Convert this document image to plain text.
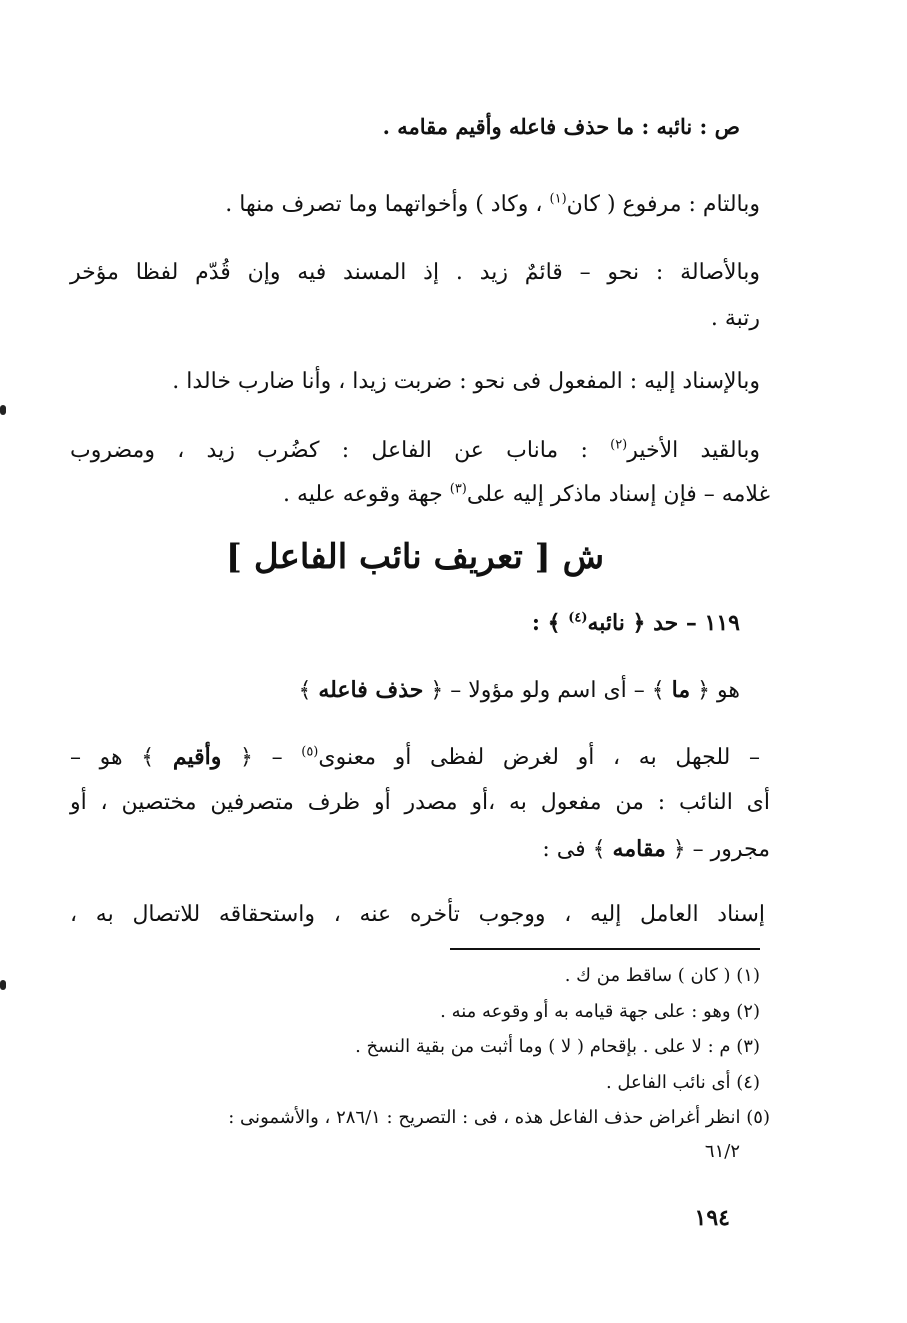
ص : نائبه : ما حذف فاعله وأقيم مقامه .
وبالتام : مرفوع ( كان$^{(١)}$ ، وكاد ) وأخواتهما وما تصرف منها .
وبالأصالة : نحو – قائمٌ زيد . إذ المسند فيه وإن قُدّم لفظا مؤخر
رتبة .
وبالإسناد إليه : المفعول فى نحو : ضربت زيدا ، وأنا ضارب خالدا .
وبالقيد الأخير$^{(٢)}$ : ماناب عن الفاعل : كضُرب زيد ، ومضروب
غلامه – فإن إسناد ماذكر إليه على$^{(٣)}$ جهة وقوعه عليه .
ش [ تعريف نائب الفاعل ]
١١٩ – حد ﴿ نائبه$^{(٤)}$ ﴾ :
هو ﴿ ما ﴾ – أى اسم ولو مؤولا – ﴿ حذف فاعله ﴾
– للجهل به ، أو لغرض لفظى أو معنوى$^{(٥)}$ – ﴿ وأقيم ﴾ هو –
أى النائب : من مفعول به ،أو مصدر أو ظرف متصرفين مختصين ، أو
مجرور – ﴿ مقامه ﴾ فى :
إسناد العامل إليه ، ووجوب تأخره عنه ، واستحقاقه للاتصال به ،
(١) ( كان ) ساقط من ك .
(٢) وهو : على جهة قيامه به أو وقوعه منه .
(٣) م : لا على . بإقحام ( لا ) وما أثبت من بقية النسخ .
(٤) أى نائب الفاعل .
(٥) انظر أغراض حذف الفاعل هذه ، فى : التصريح : ٢٨٦/١ ، والأشمونى :
٦١/٢
١٩٤
